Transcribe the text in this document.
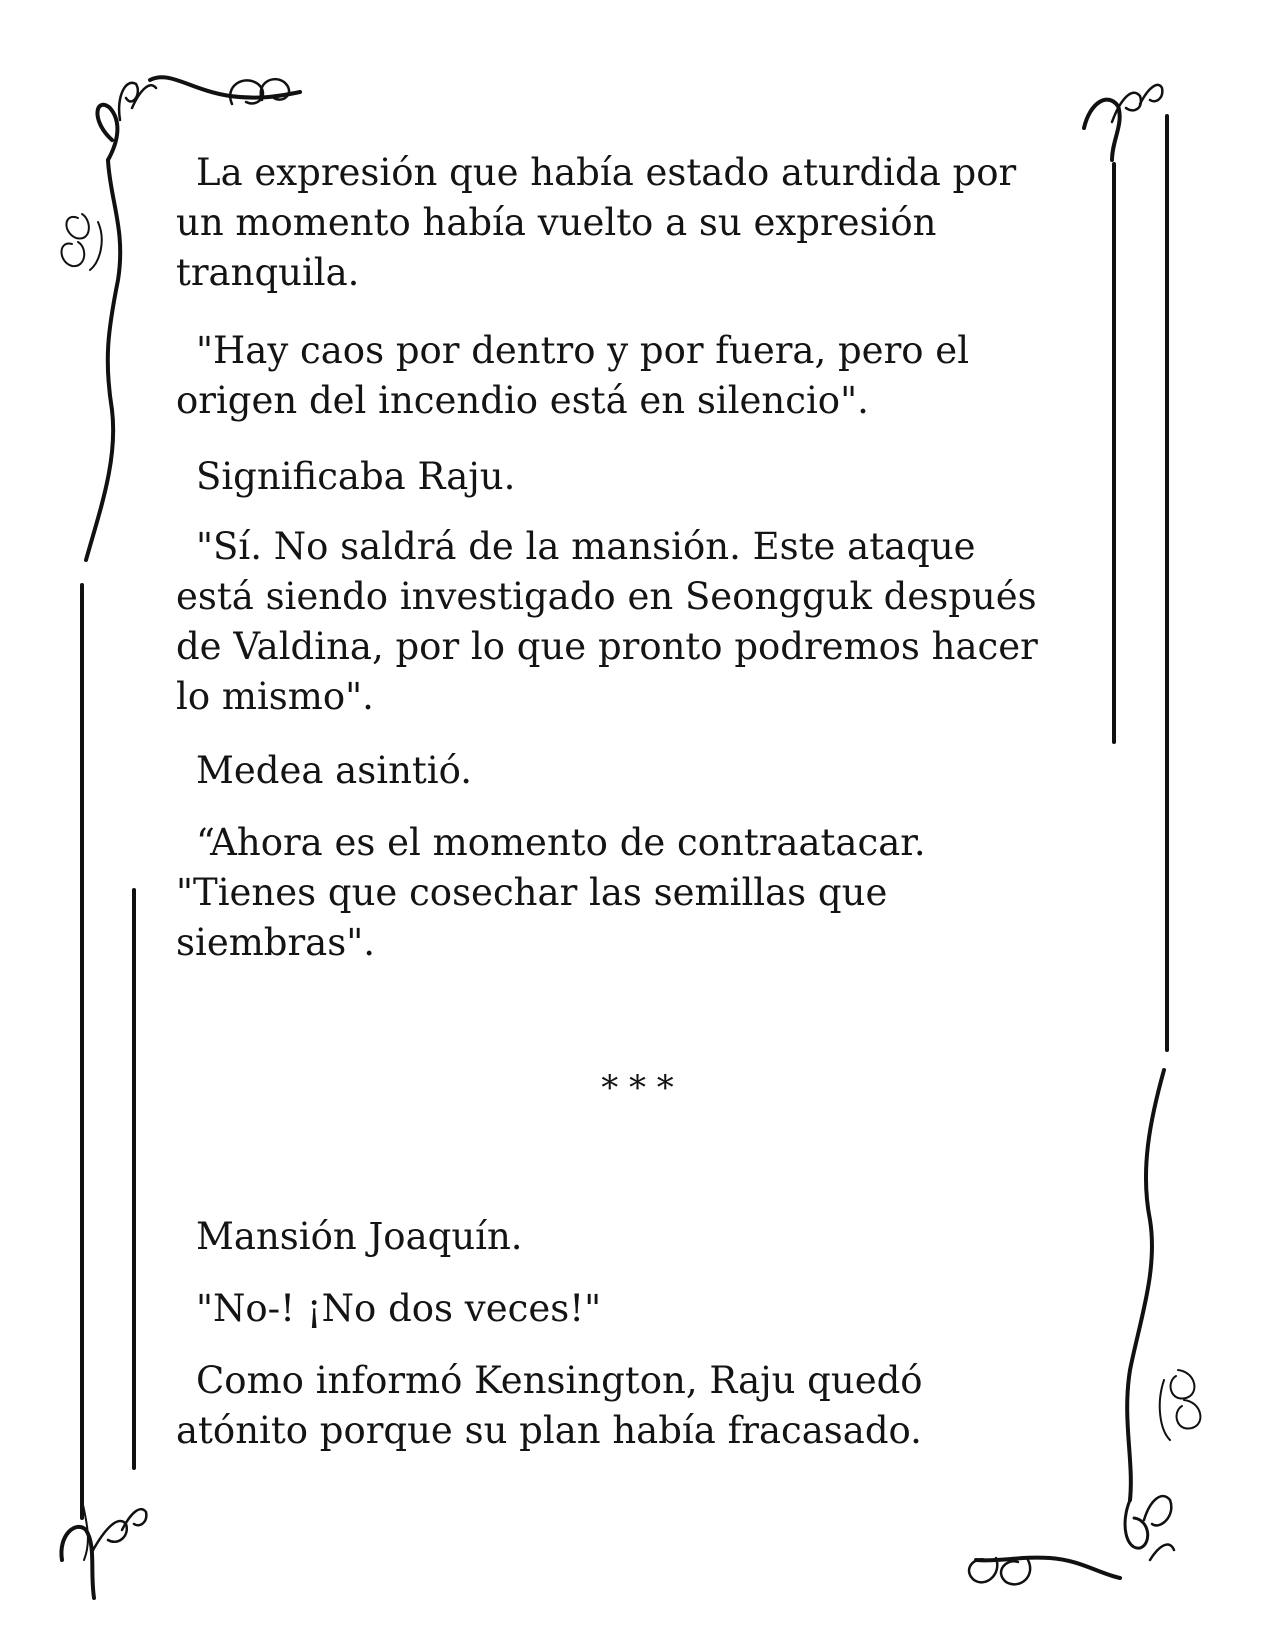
La expresión que había estado aturdida por un momento había vuelto a su expresión tranquila.

"Hay caos por dentro y por fuera, pero el origen del incendio está en silencio".

Significaba Raju.

"Sí. No saldrá de la mansión. Este ataque está siendo investigado en Seongguk después de Valdina, por lo que pronto podremos hacer lo mismo".

Medea asintió.

“Ahora es el momento de contraatacar. "Tienes que cosechar las semillas que siembras".

* * *

Mansión Joaquín.

"No-! ¡No dos veces!"

Como informó Kensington, Raju quedó atónito porque su plan había fracasado.
